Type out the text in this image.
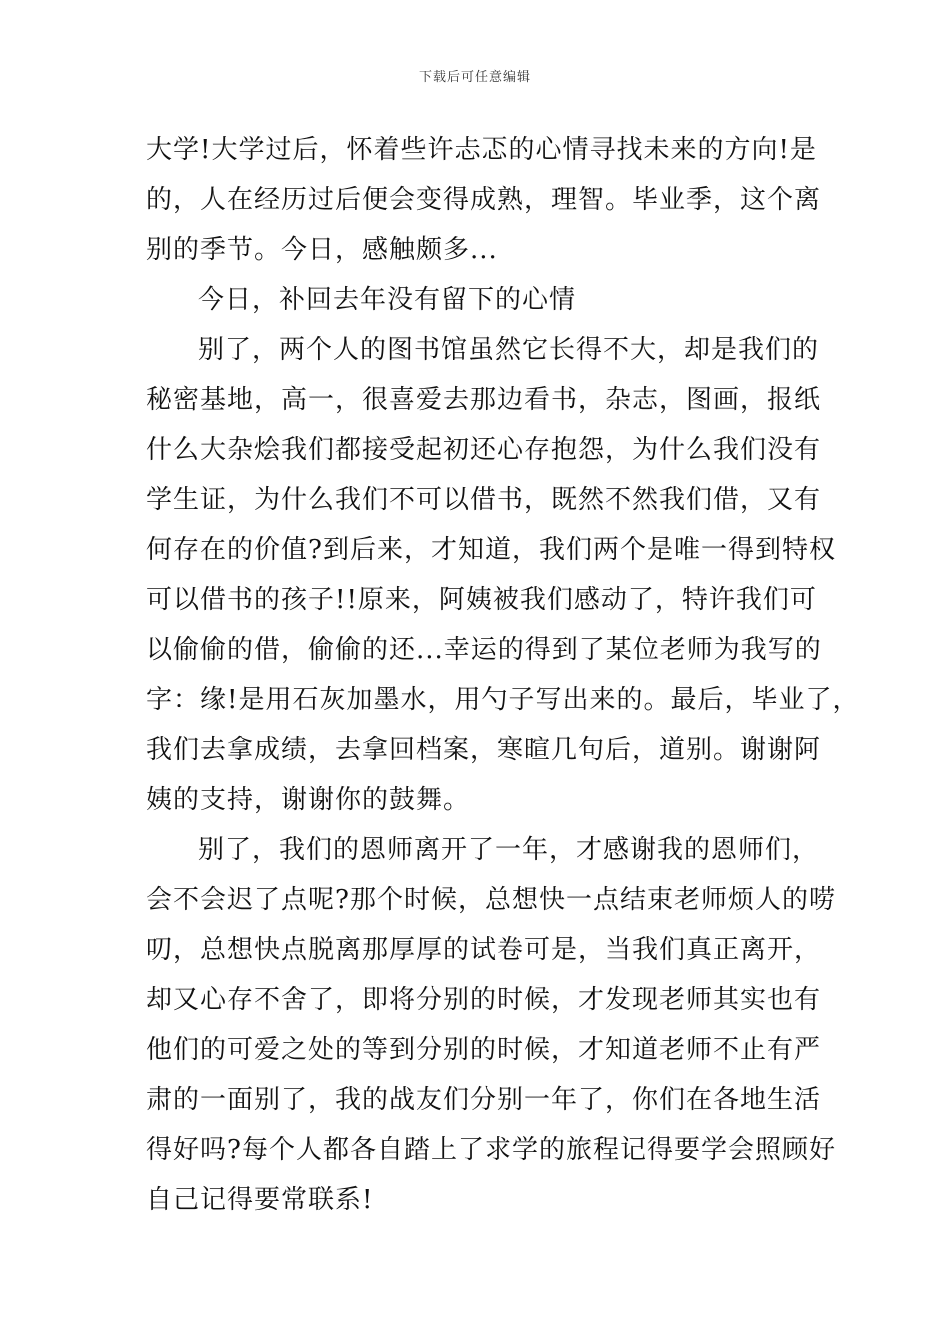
下载后可任意编辑
大学!大学过后，怀着些许忐忑的心情寻找未来的方向!是
的，人在经历过后便会变得成熟，理智。毕业季，这个离
别的季节。今日，感触颇多...
今日，补回去年没有留下的心情
别了，两个人的图书馆虽然它长得不大，却是我们的
秘密基地，高一，很喜爱去那边看书，杂志，图画，报纸
什么大杂烩我们都接受起初还心存抱怨，为什么我们没有
学生证，为什么我们不可以借书，既然不然我们借，又有
何存在的价值?到后来，才知道，我们两个是唯一得到特权
可以借书的孩子!!原来，阿姨被我们感动了，特许我们可
以偷偷的借，偷偷的还...幸运的得到了某位老师为我写的
字：缘!是用石灰加墨水，用勺子写出来的。最后，毕业了，
我们去拿成绩，去拿回档案，寒暄几句后，道别。谢谢阿
姨的支持，谢谢你的鼓舞。
别了，我们的恩师离开了一年，才感谢我的恩师们，
会不会迟了点呢?那个时候，总想快一点结束老师烦人的唠
叨，总想快点脱离那厚厚的试卷可是，当我们真正离开，
却又心存不舍了，即将分别的时候，才发现老师其实也有
他们的可爱之处的等到分别的时候，才知道老师不止有严
肃的一面别了，我的战友们分别一年了，你们在各地生活
得好吗?每个人都各自踏上了求学的旅程记得要学会照顾好
自己记得要常联系!
